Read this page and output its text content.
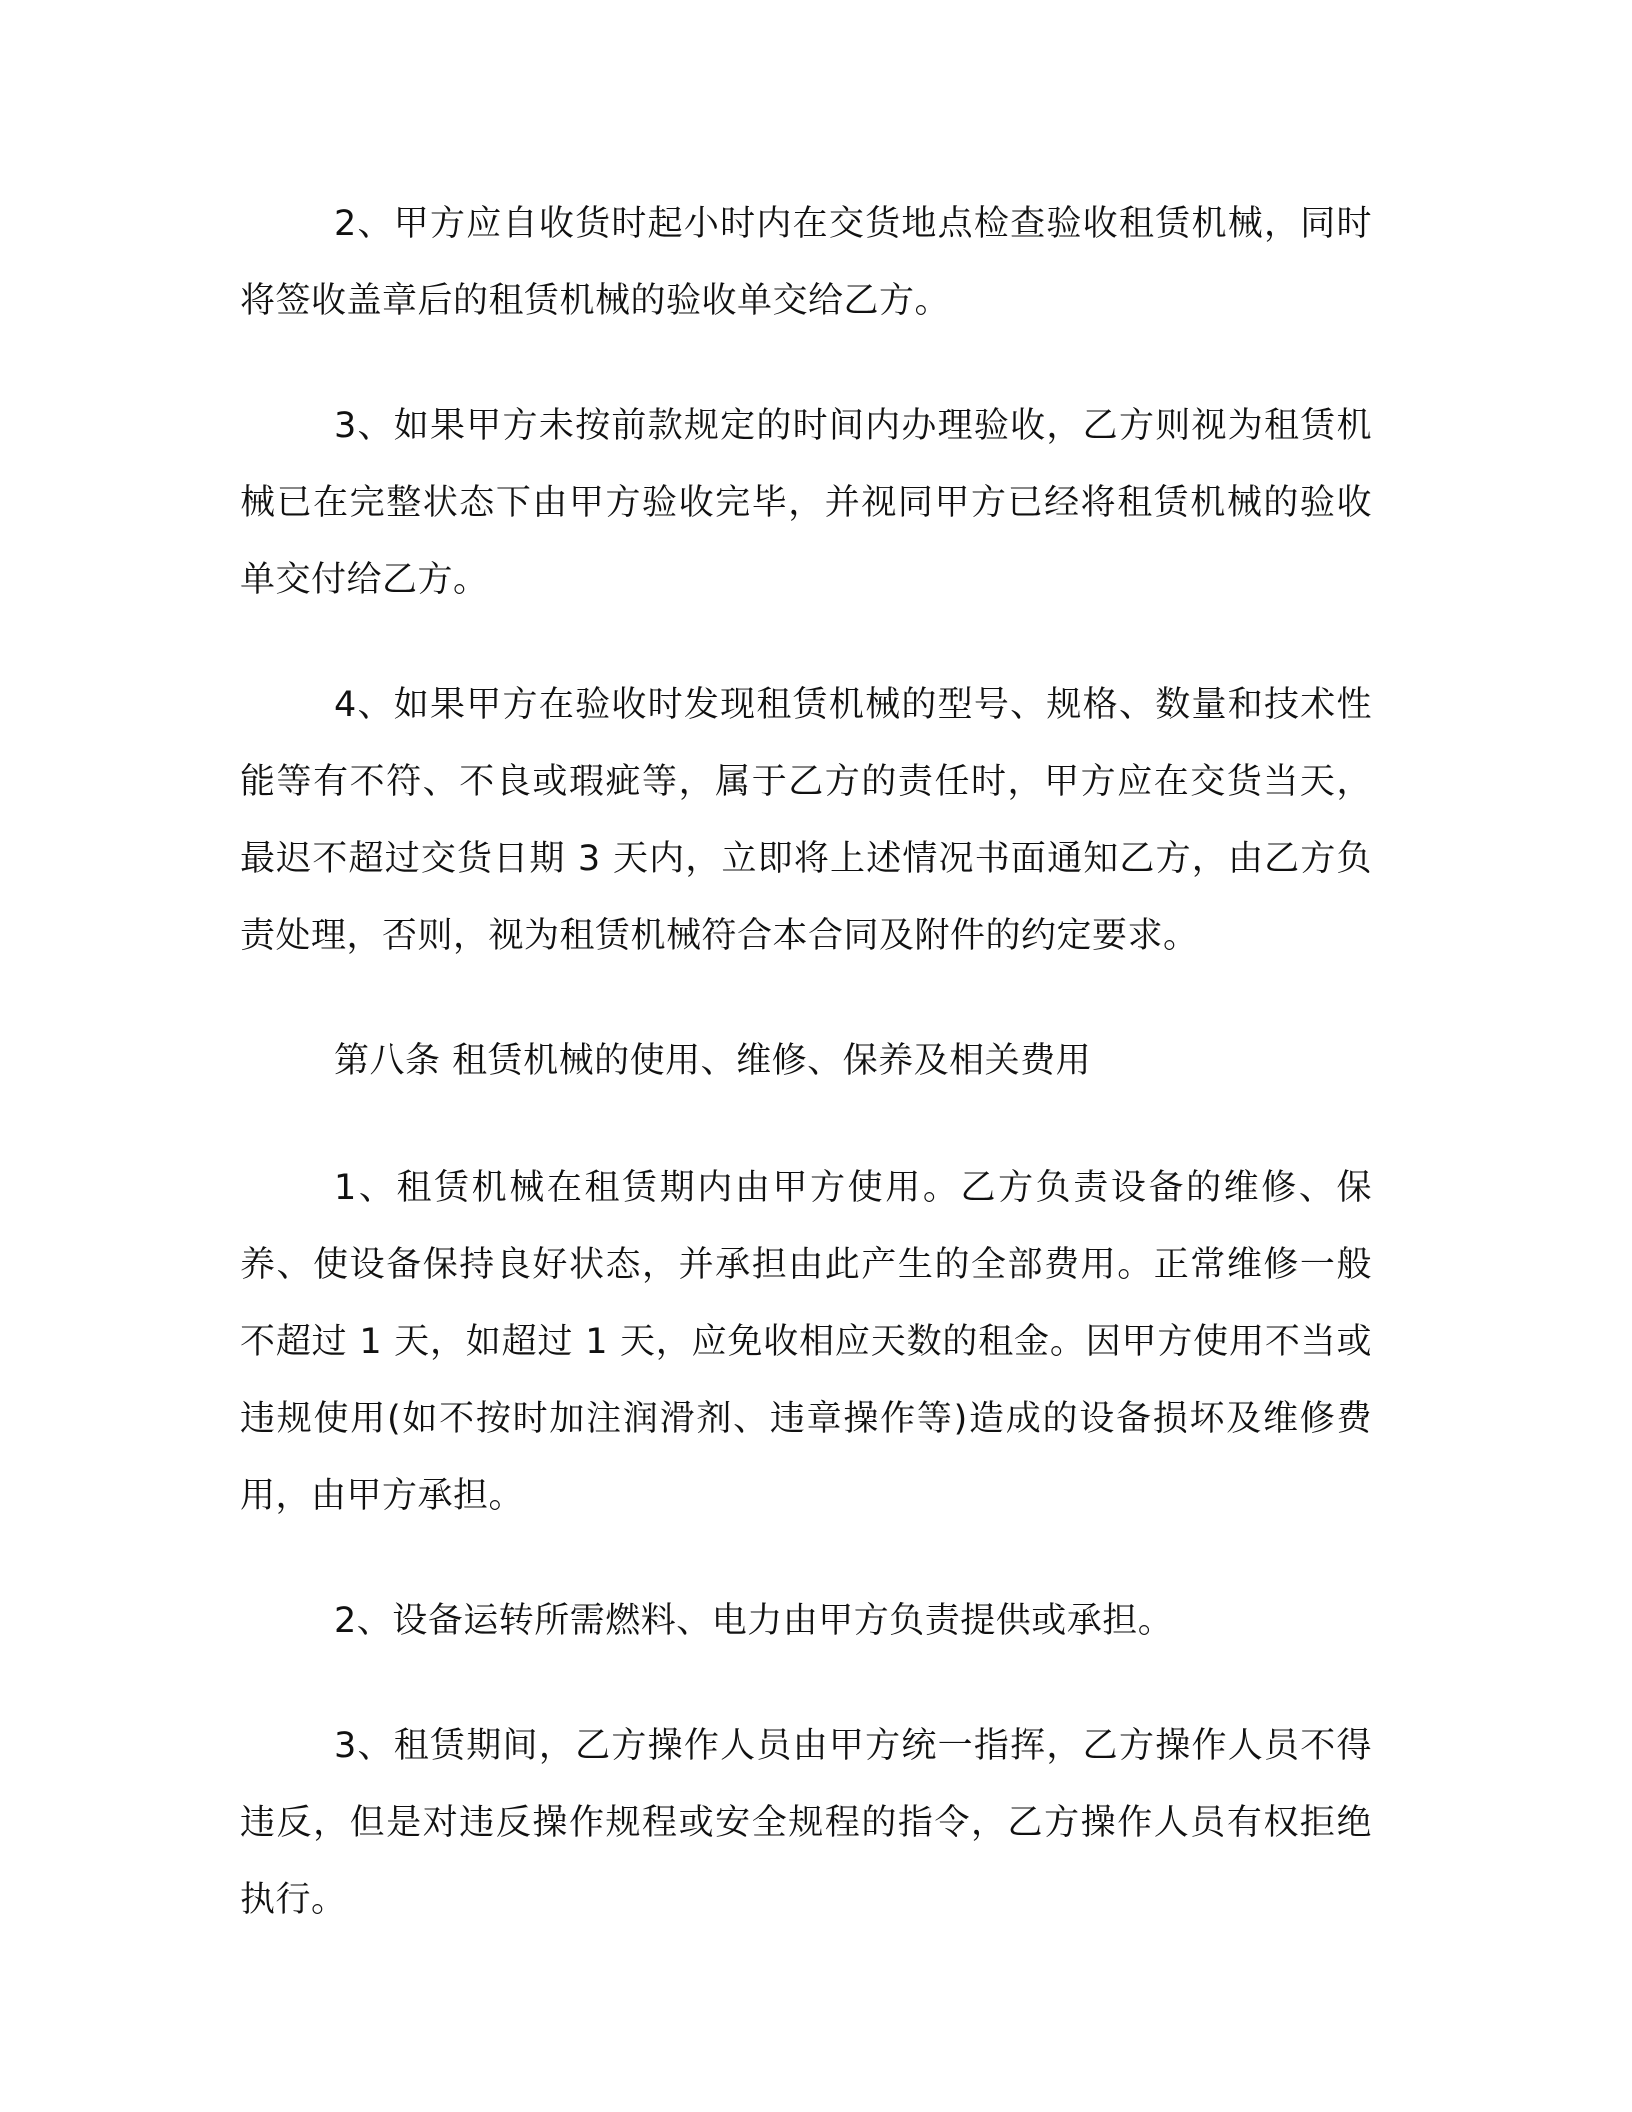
2、甲方应自收货时起小时内在交货地点检查验收租赁机械，同时将签收盖章后的租赁机械的验收单交给乙方。

3、如果甲方未按前款规定的时间内办理验收，乙方则视为租赁机械已在完整状态下由甲方验收完毕，并视同甲方已经将租赁机械的验收单交付给乙方。

4、如果甲方在验收时发现租赁机械的型号、规格、数量和技术性能等有不符、不良或瑕疵等，属于乙方的责任时，甲方应在交货当天，最迟不超过交货日期 3 天内，立即将上述情况书面通知乙方，由乙方负责处理，否则，视为租赁机械符合本合同及附件的约定要求。

第八条 租赁机械的使用、维修、保养及相关费用

1、租赁机械在租赁期内由甲方使用。乙方负责设备的维修、保养、使设备保持良好状态，并承担由此产生的全部费用。正常维修一般不超过 1 天，如超过 1 天，应免收相应天数的租金。因甲方使用不当或违规使用(如不按时加注润滑剂、违章操作等)造成的设备损坏及维修费用，由甲方承担。

2、设备运转所需燃料、电力由甲方负责提供或承担。

3、租赁期间，乙方操作人员由甲方统一指挥，乙方操作人员不得违反，但是对违反操作规程或安全规程的指令，乙方操作人员有权拒绝执行。
